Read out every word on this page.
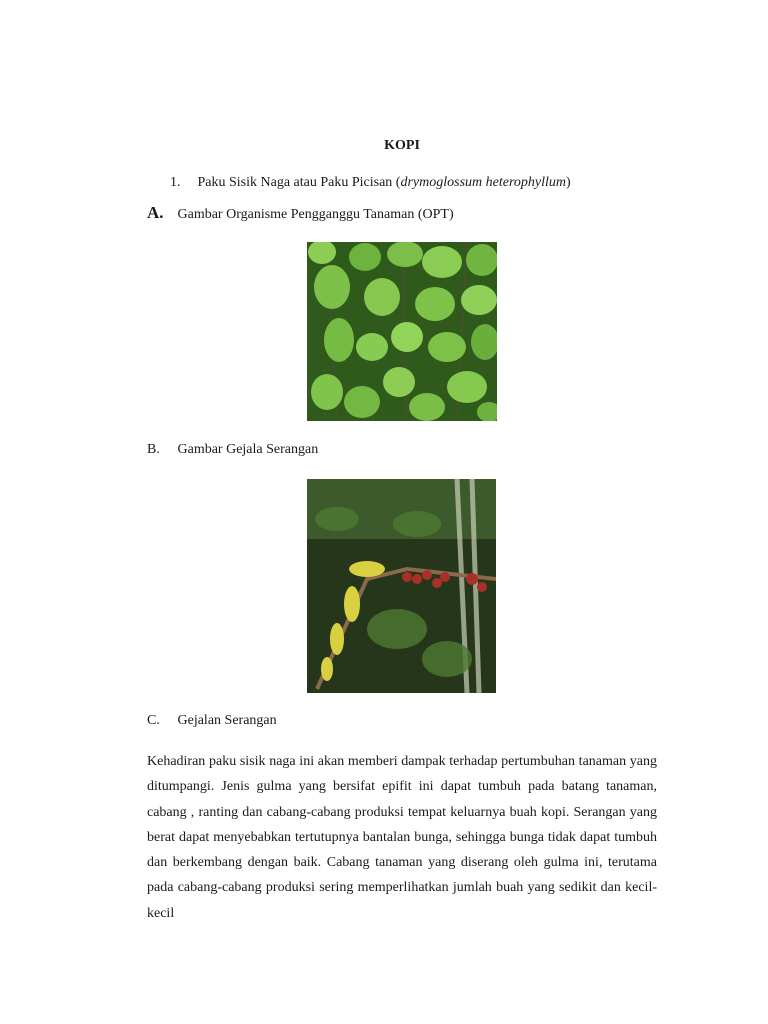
KOPI
1. Paku Sisik Naga atau Paku Picisan (drymoglossum heterophyllum)
A. Gambar Organisme Pengganggu Tanaman (OPT)
B. Gambar Gejala Serangan
C. Gejalan Serangan

Kehadiran paku sisik naga ini akan memberi dampak terhadap pertumbuhan tanaman yang ditumpangi. Jenis gulma yang bersifat epifit ini dapat tumbuh pada batang tanaman, cabang , ranting dan cabang-cabang produksi tempat keluarnya buah kopi. Serangan yang berat dapat menyebabkan tertutupnya bantalan bunga, sehingga bunga tidak dapat tumbuh dan berkembang dengan baik. Cabang tanaman yang diserang oleh gulma ini, terutama pada cabang-cabang produksi sering memperlihatkan jumlah buah yang sedikit dan kecil-kecil
